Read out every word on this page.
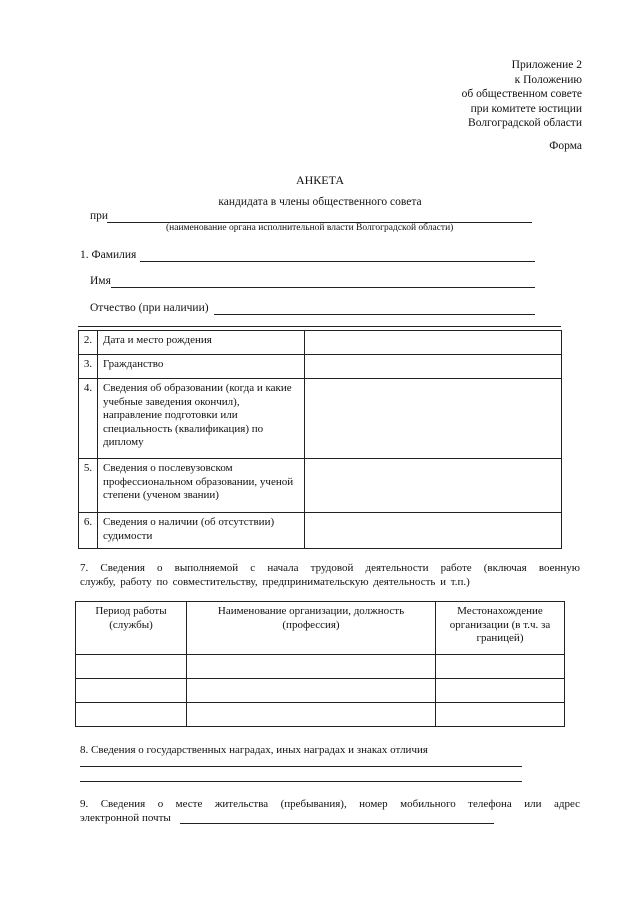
Приложение 2
к Положению
об общественном совете
при комитете юстиции
Волгоградской области
Форма
АНКЕТА
кандидата в члены общественного совета
при
(наименование органа исполнительной власти Волгоградской области)
1. Фамилия
Имя
Отчество (при наличии)
2.	Дата и место рождения	
3.	Гражданство	
4.	Сведения об образовании (когда и какие учебные заведения окончил), направление подготовки или специальность (квалификация) по диплому	
5.	Сведения о послевузовском профессиональном образовании, ученой степени (ученом звании)	
6.	Сведения о наличии (об отсутствии) судимости	
7. Сведения о выполняемой с начала трудовой деятельности работе (включая военную
службу, работу по совместительству, предпринимательскую деятельность и т.п.)
Период работы (службы)	Наименование организации, должность (профессия)	Местонахождение организации (в т.ч. за границей)

8. Сведения о государственных наградах, иных наградах и знаках отличия
9. Сведения о месте жительства (пребывания), номер мобильного телефона или адрес
электронной почты
